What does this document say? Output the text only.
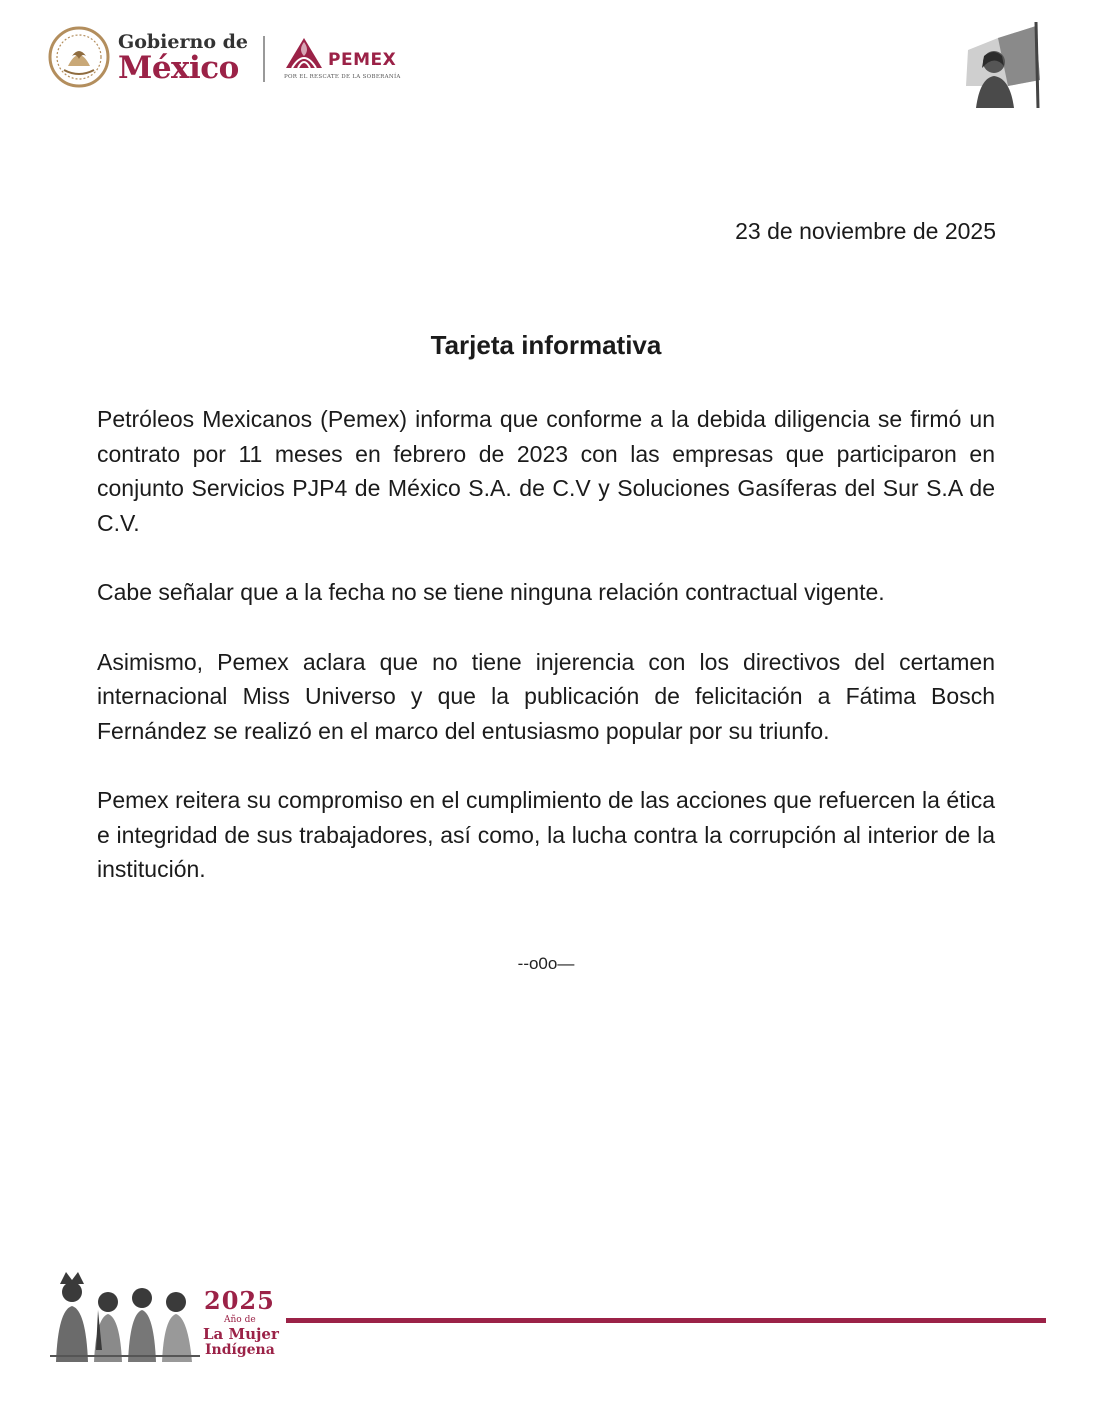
Gobierno de
México	PEMEX
POR EL RESCATE DE LA SOBERANÍA
23 de noviembre de 2025
Tarjeta informativa

Petróleos Mexicanos (Pemex) informa que conforme a la debida diligencia se firmó un contrato por 11 meses en febrero de 2023 con las empresas que participaron en conjunto Servicios PJP4 de México S.A. de C.V y Soluciones Gasíferas del Sur S.A de C.V.

Cabe señalar que a la fecha no se tiene ninguna relación contractual vigente.

Asimismo, Pemex aclara que no tiene injerencia con los directivos del certamen internacional Miss Universo y que la publicación de felicitación a Fátima Bosch Fernández se realizó en el marco del entusiasmo popular por su triunfo.

Pemex reitera su compromiso en el cumplimiento de las acciones que refuercen la ética e integridad de sus trabajadores, así como, la lucha contra la corrupción al interior de la institución.

--o0o—
2025
Año de
La Mujer
Indígena
